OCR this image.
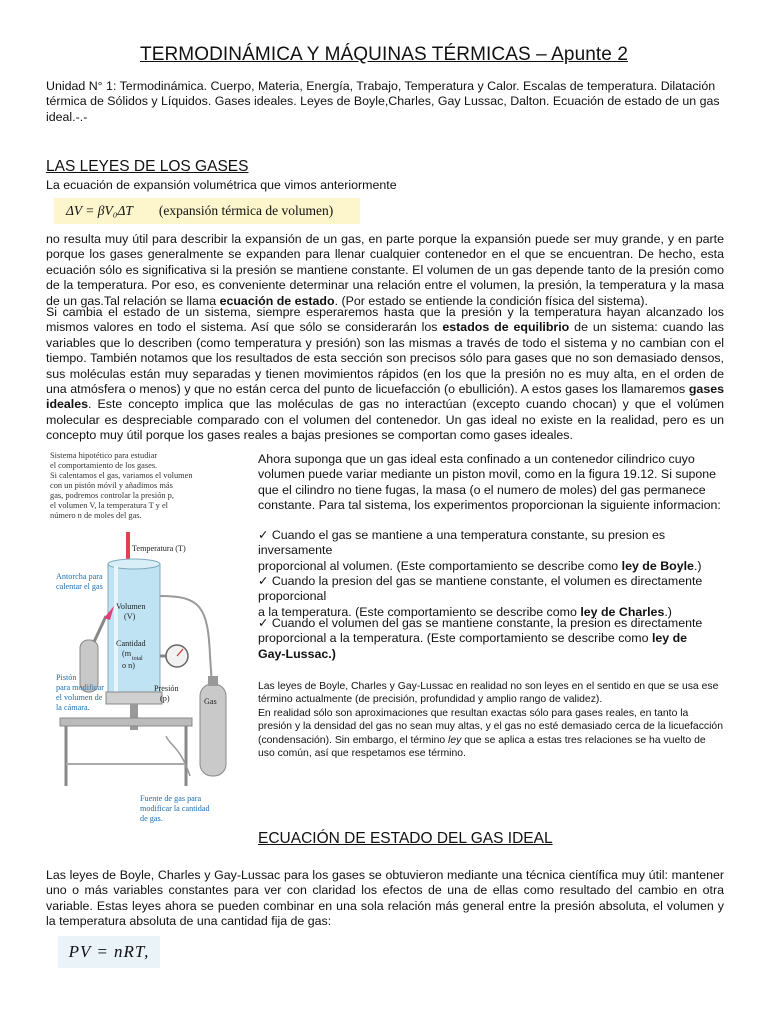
TERMODINÁMICA Y MÁQUINAS TÉRMICAS – Apunte 2
Unidad N° 1: Termodinámica. Cuerpo, Materia, Energía, Trabajo, Temperatura y Calor. Escalas de temperatura. Dilatación térmica de Sólidos y Líquidos. Gases ideales. Leyes de Boyle,Charles, Gay Lussac, Dalton. Ecuación de estado de un gas ideal.-.-
LAS LEYES DE LOS GASES
La ecuación de expansión volumétrica que vimos anteriormente
ΔV = βV₀ΔT (expansión térmica de volumen)
no resulta muy útil para describir la expansión de un gas, en parte porque la expansión puede ser muy grande, y en parte porque los gases generalmente se expanden para llenar cualquier contenedor en el que se encuentran. De hecho, esta ecuación sólo es significativa si la presión se mantiene constante. El volumen de un gas depende tanto de la presión como de la temperatura. Por eso, es conveniente determinar una relación entre el volumen, la presión, la temperatura y la masa de un gas.Tal relación se llama ecuación de estado. (Por estado se entiende la condición física del sistema).
Si cambia el estado de un sistema, siempre esperaremos hasta que la presión y la temperatura hayan alcanzado los mismos valores en todo el sistema. Así que sólo se considerarán los estados de equilibrio de un sistema: cuando las variables que lo describen (como temperatura y presión) son las mismas a través de todo el sistema y no cambian con el tiempo. También notamos que los resultados de esta sección son precisos sólo para gases que no son demasiado densos, sus moléculas están muy separadas y tienen movimientos rápidos (en los que la presión no es muy alta, en el orden de una atmósfera o menos) y que no están cerca del punto de licuefacción (o ebullición). A estos gases los llamaremos gases ideales. Este concepto implica que las moléculas de gas no interactúan (excepto cuando chocan) y que el volúmen molecular es despreciable comparado con el volumen del contenedor. Un gas ideal no existe en la realidad, pero es un concepto muy útil porque los gases reales a bajas presiones se comportan como gases ideales.
Sistema hipotético para estudiar
el comportamiento de los gases.
Si calentamos el gas, variamos el volumen
con un pistón móvil y añadimos más
gas, podremos controlar la presión p,
el volumen V, la temperatura T y el
número n de moles del gas.
Temperatura (T)
Volumen
(V)
Cantidad
(m
total
o n)
Presión
(p)
Antorcha para
calentar el gas
Gas
Pistón
para modificar
el volumen de
la cámara.
Fuente de gas para
modificar la cantidad
de gas.
Ahora suponga que un gas ideal esta confinado a un contenedor cilindrico cuyo volumen puede variar mediante un piston movil, como en la figura 19.12. Si supone que el cilindro no tiene fugas, la masa (o el numero de moles) del gas permanece constante. Para tal sistema, los experimentos proporcionan la siguiente informacion:
✓ Cuando el gas se mantiene a una temperatura constante, su presion es inversamente
proporcional al volumen. (Este comportamiento se describe como ley de Boyle.)
✓ Cuando la presion del gas se mantiene constante, el volumen es directamente proporcional
a la temperatura. (Este comportamiento se describe como ley de Charles.)
✓ Cuando el volumen del gas se mantiene constante, la presion es directamente proporcional a la temperatura. (Este comportamiento se describe como ley de Gay‑Lussac.)
Las leyes de Boyle, Charles y Gay-Lussac en realidad no son leyes en el sentido en que se usa ese término actualmente (de precisión, profundidad y amplio rango de validez).
En realidad sólo son aproximaciones que resultan exactas sólo para gases reales, en tanto la presión y la densidad del gas no sean muy altas, y el gas no esté demasiado cerca de la licuefacción (condensación). Sin embargo, el término ley que se aplica a estas tres relaciones se ha vuelto de uso común, así que respetamos ese término.
ECUACIÓN DE ESTADO DEL GAS IDEAL
Las leyes de Boyle, Charles y Gay-Lussac para los gases se obtuvieron mediante una técnica científica muy útil: mantener uno o más variables constantes para ver con claridad los efectos de una de ellas como resultado del cambio en otra variable. Estas leyes ahora se pueden combinar en una sola relación más general entre la presión absoluta, el volumen y la temperatura absoluta de una cantidad fija de gas:
PV = nRT,
